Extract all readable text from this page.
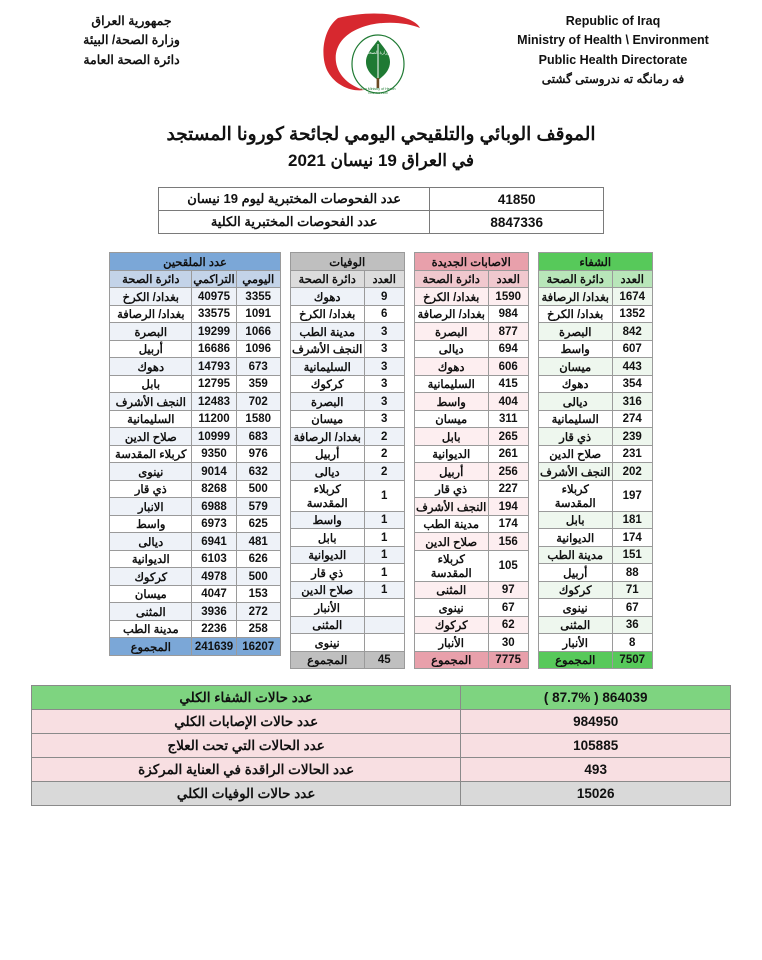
Republic of Iraq
Ministry of Health \ Environment
Public Health Directorate
فە رمانگە تە ندروستى گشتى
وزارة الصحة
Iraq Ministry of Health
Founded 1920
جمهورية العراق
وزارة الصحة/ البيئة
دائرة الصحة العامة
الموقف الوبائي والتلقيحي اليومي لجائحة كورونا المستجد
في العراق 19 نيسان 2021
41850	عدد الفحوصات المختبرية ليوم 19 نيسان
8847336	عدد الفحوصات المختبرية الكلية
الشفاء	
العدد	دائرة الصحة
1674	بغداد/ الرصافة
1352	بغداد/ الكرخ
842	البصرة
607	واسط
443	ميسان
354	دهوك
316	ديالى
274	السليمانية
239	ذي قار
231	صلاح الدين
202	النجف الأشرف
197	كربلاء المقدسة
181	بابل
174	الديوانية
151	مدينة الطب
88	أربيل
71	كركوك
67	نينوى
36	المثنى
8	الأنبار
7507	المجموع
الاصابات الجديدة	
العدد	دائرة الصحة
1590	بغداد/ الكرخ
984	بغداد/ الرصافة
877	البصرة
694	ديالى
606	دهوك
415	السليمانية
404	واسط
311	ميسان
265	بابل
261	الديوانية
256	أربيل
227	ذي قار
194	النجف الأشرف
174	مدينة الطب
156	صلاح الدين
105	كربلاء المقدسة
97	المثنى
67	نينوى
62	كركوك
30	الأنبار
7775	المجموع
الوفيات	
العدد	دائرة الصحة
9	دهوك
6	بغداد/ الكرخ
3	مدينة الطب
3	النجف الأشرف
3	السليمانية
3	كركوك
3	البصرة
3	ميسان
2	بغداد/ الرصافة
2	أربيل
2	ديالى
1	كربلاء المقدسة
1	واسط
1	بابل
1	الديوانية
1	ذي قار
1	صلاح الدين
	الأنبار
	المثنى
	نينوى
45	المجموع
عدد الملقحين		
اليومي	التراكمي	دائرة الصحة
3355	40975	بغداد/ الكرخ
1091	33575	بغداد/ الرصافة
1066	19299	البصرة
1096	16686	أربيل
673	14793	دهوك
359	12795	بابل
702	12483	النجف الأشرف
1580	11200	السليمانية
683	10999	صلاح الدين
976	9350	كربلاء المقدسة
632	9014	نينوى
500	8268	ذي قار
579	6988	الانبار
625	6973	واسط
481	6941	ديالى
626	6103	الديوانية
500	4978	كركوك
153	4047	ميسان
272	3936	المثنى
258	2236	مدينة الطب
16207	241639	المجموع
864039 ( 87.7% )	عدد حالات الشفاء الكلي
984950	عدد حالات الإصابات الكلي
105885	عدد الحالات التي تحت العلاج
493	عدد الحالات الراقدة في العناية المركزة
15026	عدد حالات الوفيات الكلي
